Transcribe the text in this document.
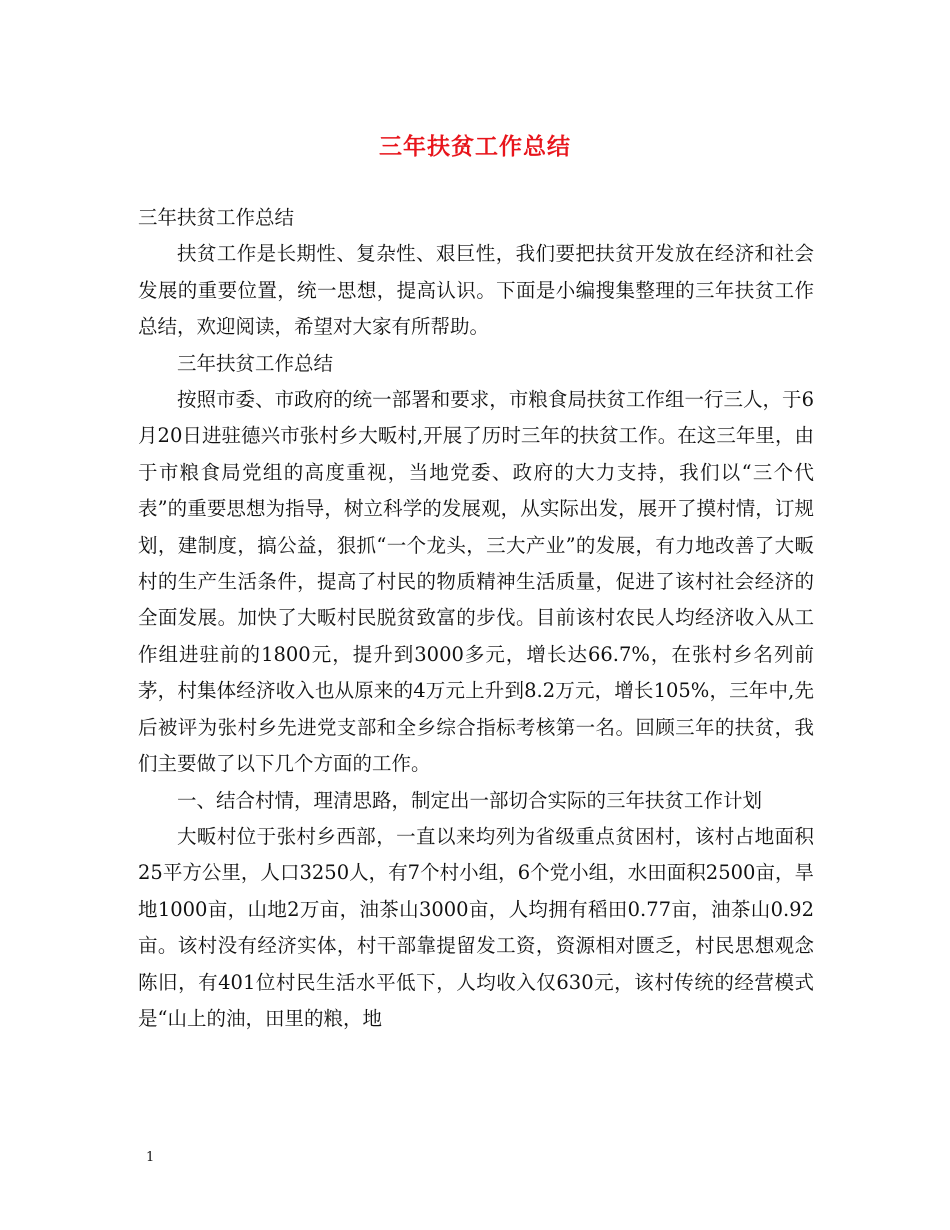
三年扶贫工作总结

三年扶贫工作总结

扶贫工作是长期性、复杂性、艰巨性，我们要把扶贫开发放在经济和社会发展的重要位置，统一思想，提高认识。下面是小编搜集整理的三年扶贫工作总结，欢迎阅读，希望对大家有所帮助。

三年扶贫工作总结

按照市委、市政府的统一部署和要求，市粮食局扶贫工作组一行三人，于6月20日进驻德兴市张村乡大畈村,开展了历时三年的扶贫工作。在这三年里，由于市粮食局党组的高度重视，当地党委、政府的大力支持，我们以“三个代表”的重要思想为指导，树立科学的发展观，从实际出发，展开了摸村情，订规划，建制度，搞公益，狠抓“一个龙头，三大产业”的发展，有力地改善了大畈村的生产生活条件，提高了村民的物质精神生活质量，促进了该村社会经济的全面发展。加快了大畈村民脱贫致富的步伐。目前该村农民人均经济收入从工作组进驻前的1800元，提升到3000多元，增长达66.7%，在张村乡名列前茅，村集体经济收入也从原来的4万元上升到8.2万元，增长105%，三年中,先后被评为张村乡先进党支部和全乡综合指标考核第一名。回顾三年的扶贫，我们主要做了以下几个方面的工作。

一、结合村情，理清思路，制定出一部切合实际的三年扶贫工作计划

大畈村位于张村乡西部，一直以来均列为省级重点贫困村，该村占地面积25平方公里，人口3250人，有7个村小组，6个党小组，水田面积2500亩，旱地1000亩，山地2万亩，油茶山3000亩，人均拥有稻田0.77亩，油茶山0.92亩。该村没有经济实体，村干部靠提留发工资，资源相对匮乏，村民思想观念陈旧，有401位村民生活水平低下，人均收入仅630元，该村传统的经营模式是“山上的油，田里的粮，地

1
